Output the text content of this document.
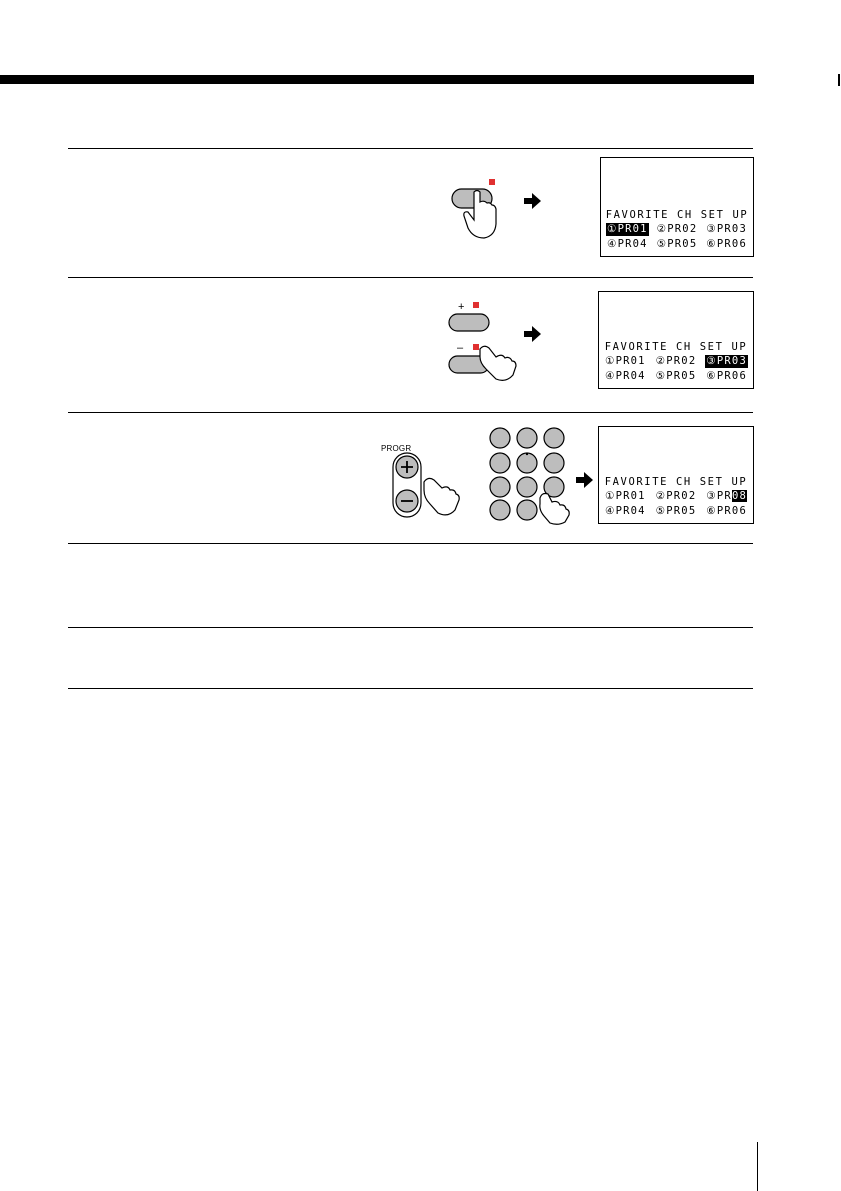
FAVORITE CH SET UP
①PR01 ②PR02 ③PR03
④PR04 ⑤PR05 ⑥PR06
+
–	FAVORITE CH SET UP
①PR01 ②PR02 ③PR03
④PR04 ⑤PR05 ⑥PR06
PROGR
FAVORITE CH SET UP
①PR01 ②PR02 ③PR08
④PR04 ⑤PR05 ⑥PR06
